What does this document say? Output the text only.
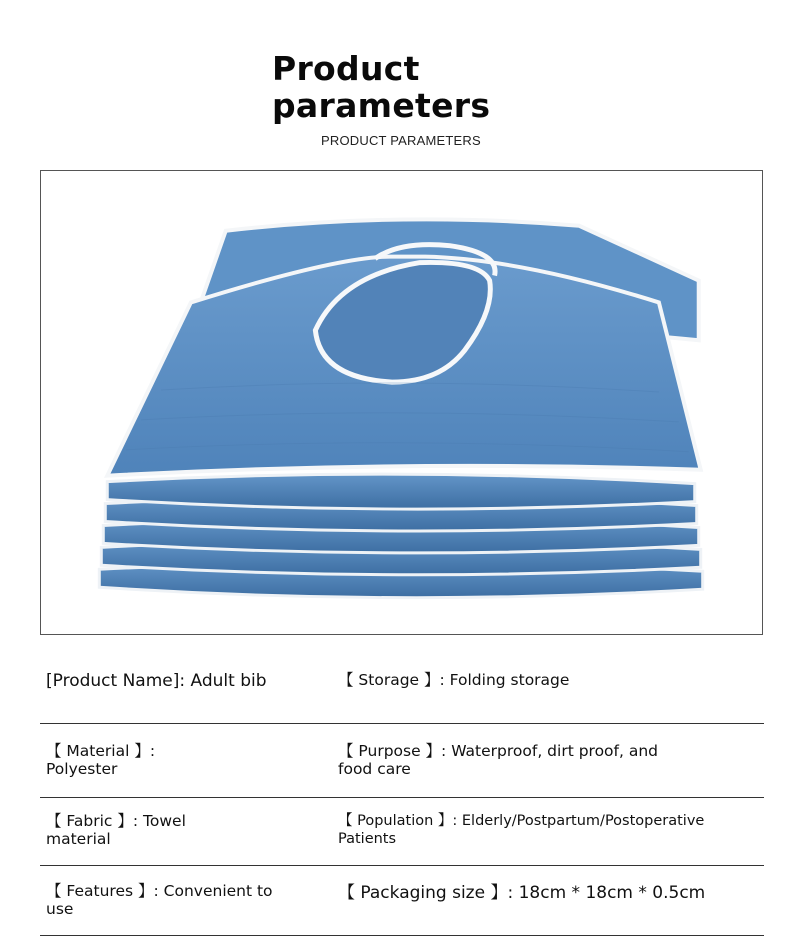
Product
parameters
PRODUCT PARAMETERS
[Product Name]: Adult bib	【 Storage 】: Folding storage
【 Material 】: Polyester
【 Purpose 】: Waterproof, dirt proof, and food care
【 Fabric 】: Towel material
【 Population 】: Elderly/Postpartum/Postoperative Patients
【 Features 】: Convenient to use
【 Packaging size 】: 18cm * 18cm * 0.5cm
